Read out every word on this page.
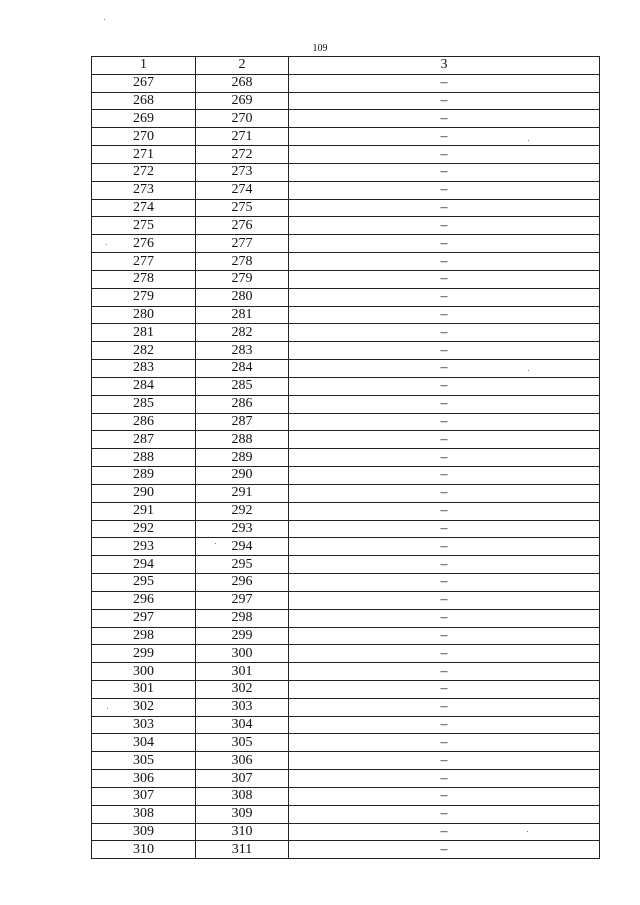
109
1	2	3
267	268	–
268	269	–
269	270	–
270	271	–
271	272	–
272	273	–
273	274	–
274	275	–
275	276	–
276	277	–
277	278	–
278	279	–
279	280	–
280	281	–
281	282	–
282	283	–
283	284	–
284	285	–
285	286	–
286	287	–
287	288	–
288	289	–
289	290	–
290	291	–
291	292	–
292	293	–
293	294	–
294	295	–
295	296	–
296	297	–
297	298	–
298	299	–
299	300	–
300	301	–
301	302	–
302	303	–
303	304	–
304	305	–
305	306	–
306	307	–
307	308	–
308	309	–
309	310	–
310	311	–
